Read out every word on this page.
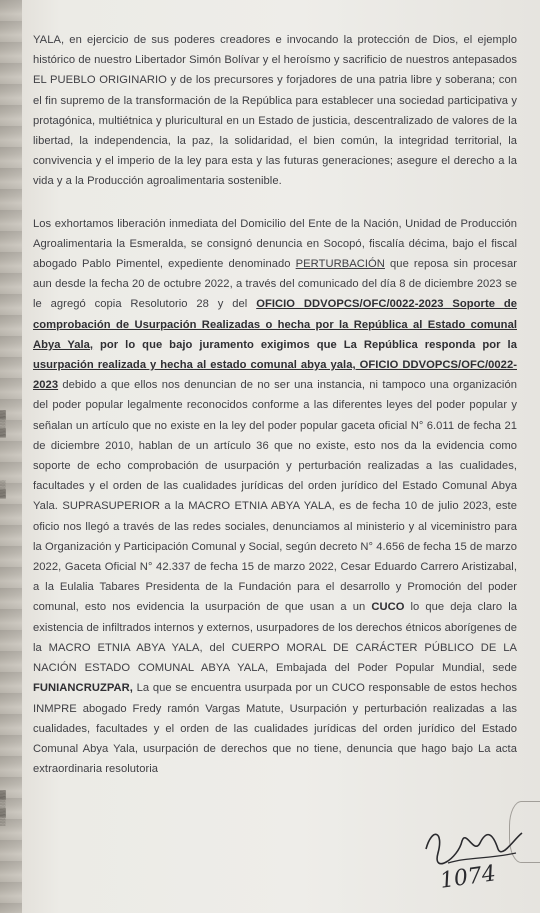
▓
▒
▓
▒
▓
▓
▒
▓
▒

YALA, en ejercicio de sus poderes creadores e invocando la protección de Dios, el ejemplo histórico de nuestro Libertador Simón Bolívar y el heroísmo y sacrificio de nuestros antepasados EL PUEBLO ORIGINARIO y de los precursores y forjadores de una patria libre y soberana; con el fin supremo de la transformación de la República para establecer una sociedad participativa y protagónica, multiétnica y pluricultural en un Estado de justicia, descentralizado de valores de la libertad, la independencia, la paz, la solidaridad, el bien común, la integridad territorial, la convivencia y el imperio de la ley para esta y las futuras generaciones; asegure el derecho a la vida y a la Producción agroalimentaria sostenible.

Los exhortamos liberación inmediata del Domicilio del Ente de la Nación, Unidad de Producción Agroalimentaria la Esmeralda, se consignó denuncia en Socopó, fiscalía décima, bajo el fiscal abogado Pablo Pimentel, expediente denominado PERTURBACIÓN que reposa sin procesar aun desde la fecha 20 de octubre 2022, a través del comunicado del día 8 de diciembre 2023 se le agregó copia Resolutorio 28 y del OFICIO DDVOPCS/OFC/0022-2023 Soporte de comprobación de Usurpación Realizadas o hecha por la República al Estado comunal Abya Yala, por lo que bajo juramento exigimos que La República responda por la usurpación realizada y hecha al estado comunal abya yala, OFICIO DDVOPCS/OFC/0022-2023 debido a que ellos nos denuncian de no ser una instancia, ni tampoco una organización del poder popular legalmente reconocidos conforme a las diferentes leyes del poder popular y señalan un artículo que no existe en la ley del poder popular gaceta oficial N° 6.011 de fecha 21 de diciembre 2010, hablan de un artículo 36 que no existe, esto nos da la evidencia como soporte de echo comprobación de usurpación y perturbación realizadas a las cualidades, facultades y el orden de las cualidades jurídicas del orden jurídico del Estado Comunal Abya Yala. SUPRASUPERIOR a la MACRO ETNIA ABYA YALA, es de fecha 10 de julio 2023, este oficio nos llegó a través de las redes sociales, denunciamos al ministerio y al viceministro para la Organización y Participación Comunal y Social, según decreto N° 4.656 de fecha 15 de marzo 2022, Gaceta Oficial N° 42.337 de fecha 15 de marzo 2022, Cesar Eduardo Carrero Aristizabal, a la Eulalia Tabares Presidenta de la Fundación para el desarrollo y Promoción del poder comunal, esto nos evidencia la usurpación de que usan a un CUCO lo que deja claro la existencia de infiltrados internos y externos, usurpadores de los derechos étnicos aborígenes de la MACRO ETNIA ABYA YALA, del CUERPO MORAL DE CARÁCTER PÚBLICO DE LA NACIÓN ESTADO COMUNAL ABYA YALA, Embajada del Poder Popular Mundial, sede FUNIANCRUZPAR, La que se encuentra usurpada por un CUCO responsable de estos hechos INMPRE abogado Fredy ramón Vargas Matute, Usurpación y perturbación realizadas a las cualidades, facultades y el orden de las cualidades jurídicas del orden jurídico del Estado Comunal Abya Yala, usurpación de derechos que no tiene, denuncia que hago bajo La acta extraordinaria resolutoria

1074
